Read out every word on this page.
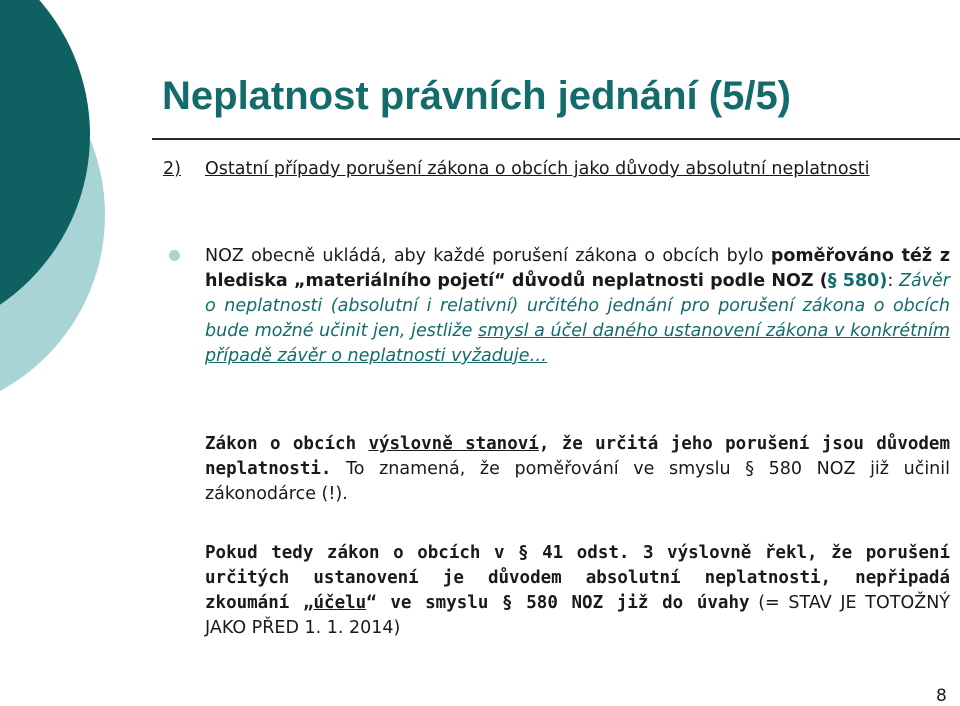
Neplatnost právních jednání (5/5)
2) Ostatní případy porušení zákona o obcích jako důvody absolutní neplatnosti

NOZ obecně ukládá, aby každé porušení zákona o obcích bylo poměřováno též z hlediska „materiálního pojetí“ důvodů neplatnosti podle NOZ (§ 580): Závěr o neplatnosti (absolutní i relativní) určitého jednání pro porušení zákona o obcích bude možné učinit jen, jestliže smysl a účel daného ustanovení zákona v konkrétním případě závěr o neplatnosti vyžaduje…

Zákon o obcích výslovně stanoví, že určitá jeho porušení jsou důvodem neplatnosti. To znamená, že poměřování ve smyslu § 580 NOZ již učinil zákonodárce (!).

Pokud tedy zákon o obcích v § 41 odst. 3 výslovně řekl, že porušení určitých ustanovení je důvodem absolutní neplatnosti, nepřipadá zkoumání „účelu“ ve smyslu § 580 NOZ již do úvahy (= STAV JE TOTOŽNÝ JAKO PŘED 1. 1. 2014)

8
